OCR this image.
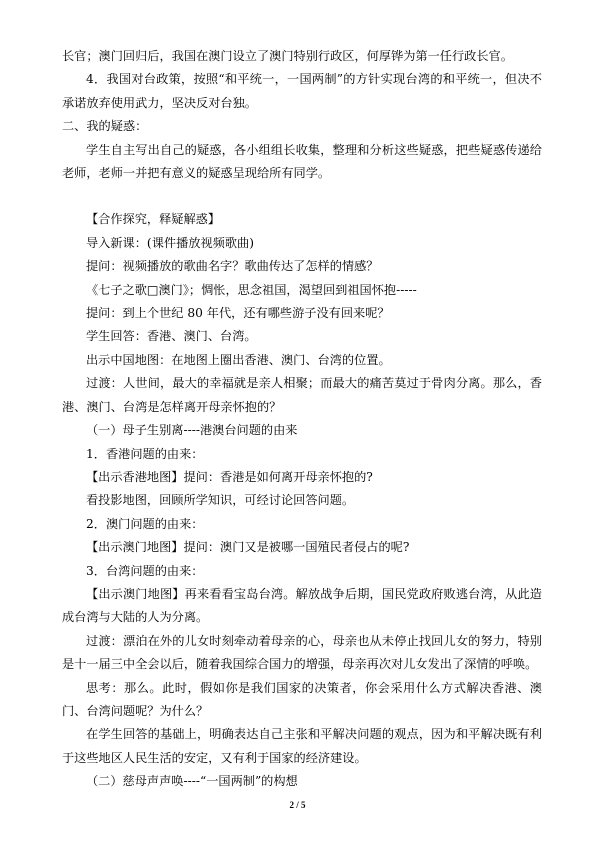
长官；澳门回归后，我国在澳门设立了澳门特别行政区，何厚铧为第一任行政长官。

4．我国对台政策，按照“和平统一，一国两制”的方针实现台湾的和平统一，但决不承诺放弃使用武力，坚决反对台独。

二、我的疑惑：

学生自主写出自己的疑惑，各小组组长收集，整理和分析这些疑惑，把些疑惑传递给老师，老师一并把有意义的疑惑呈现给所有同学。

【合作探究，释疑解惑】

导入新课：(课件播放视频歌曲)

提问：视频播放的歌曲名字？歌曲传达了怎样的情感？

《七子之歌□澳门》；惆怅，思念祖国，渴望回到祖国怀抱-----

提问：到上个世纪 80 年代，还有哪些游子没有回来呢？

学生回答：香港、澳门、台湾。

出示中国地图：在地图上圈出香港、澳门、台湾的位置。

过渡：人世间，最大的幸福就是亲人相聚；而最大的痛苦莫过于骨肉分离。那么，香港、澳门、台湾是怎样离开母亲怀抱的？

（一）母子生别离----港澳台问题的由来

1．香港问题的由来：

【出示香港地图】提问：香港是如何离开母亲怀抱的?

看投影地图，回顾所学知识，可经讨论回答问题。

2．澳门问题的由来：

【出示澳门地图】提问：澳门又是被哪一国殖民者侵占的呢?

3．台湾问题的由来：

【出示澳门地图】再来看看宝岛台湾。解放战争后期，国民党政府败逃台湾，从此造成台湾与大陆的人为分离。

过渡：漂泊在外的儿女时刻牵动着母亲的心，母亲也从未停止找回儿女的努力，特别是十一届三中全会以后，随着我国综合国力的增强，母亲再次对儿女发出了深情的呼唤。

思考：那么。此时，假如你是我们国家的决策者，你会采用什么方式解决香港、澳门、台湾问题呢？为什么？

在学生回答的基础上，明确表达自己主张和平解决问题的观点，因为和平解决既有利于这些地区人民生活的安定，又有利于国家的经济建设。

（二）慈母声声唤----“一国两制”的构想

2 / 5
